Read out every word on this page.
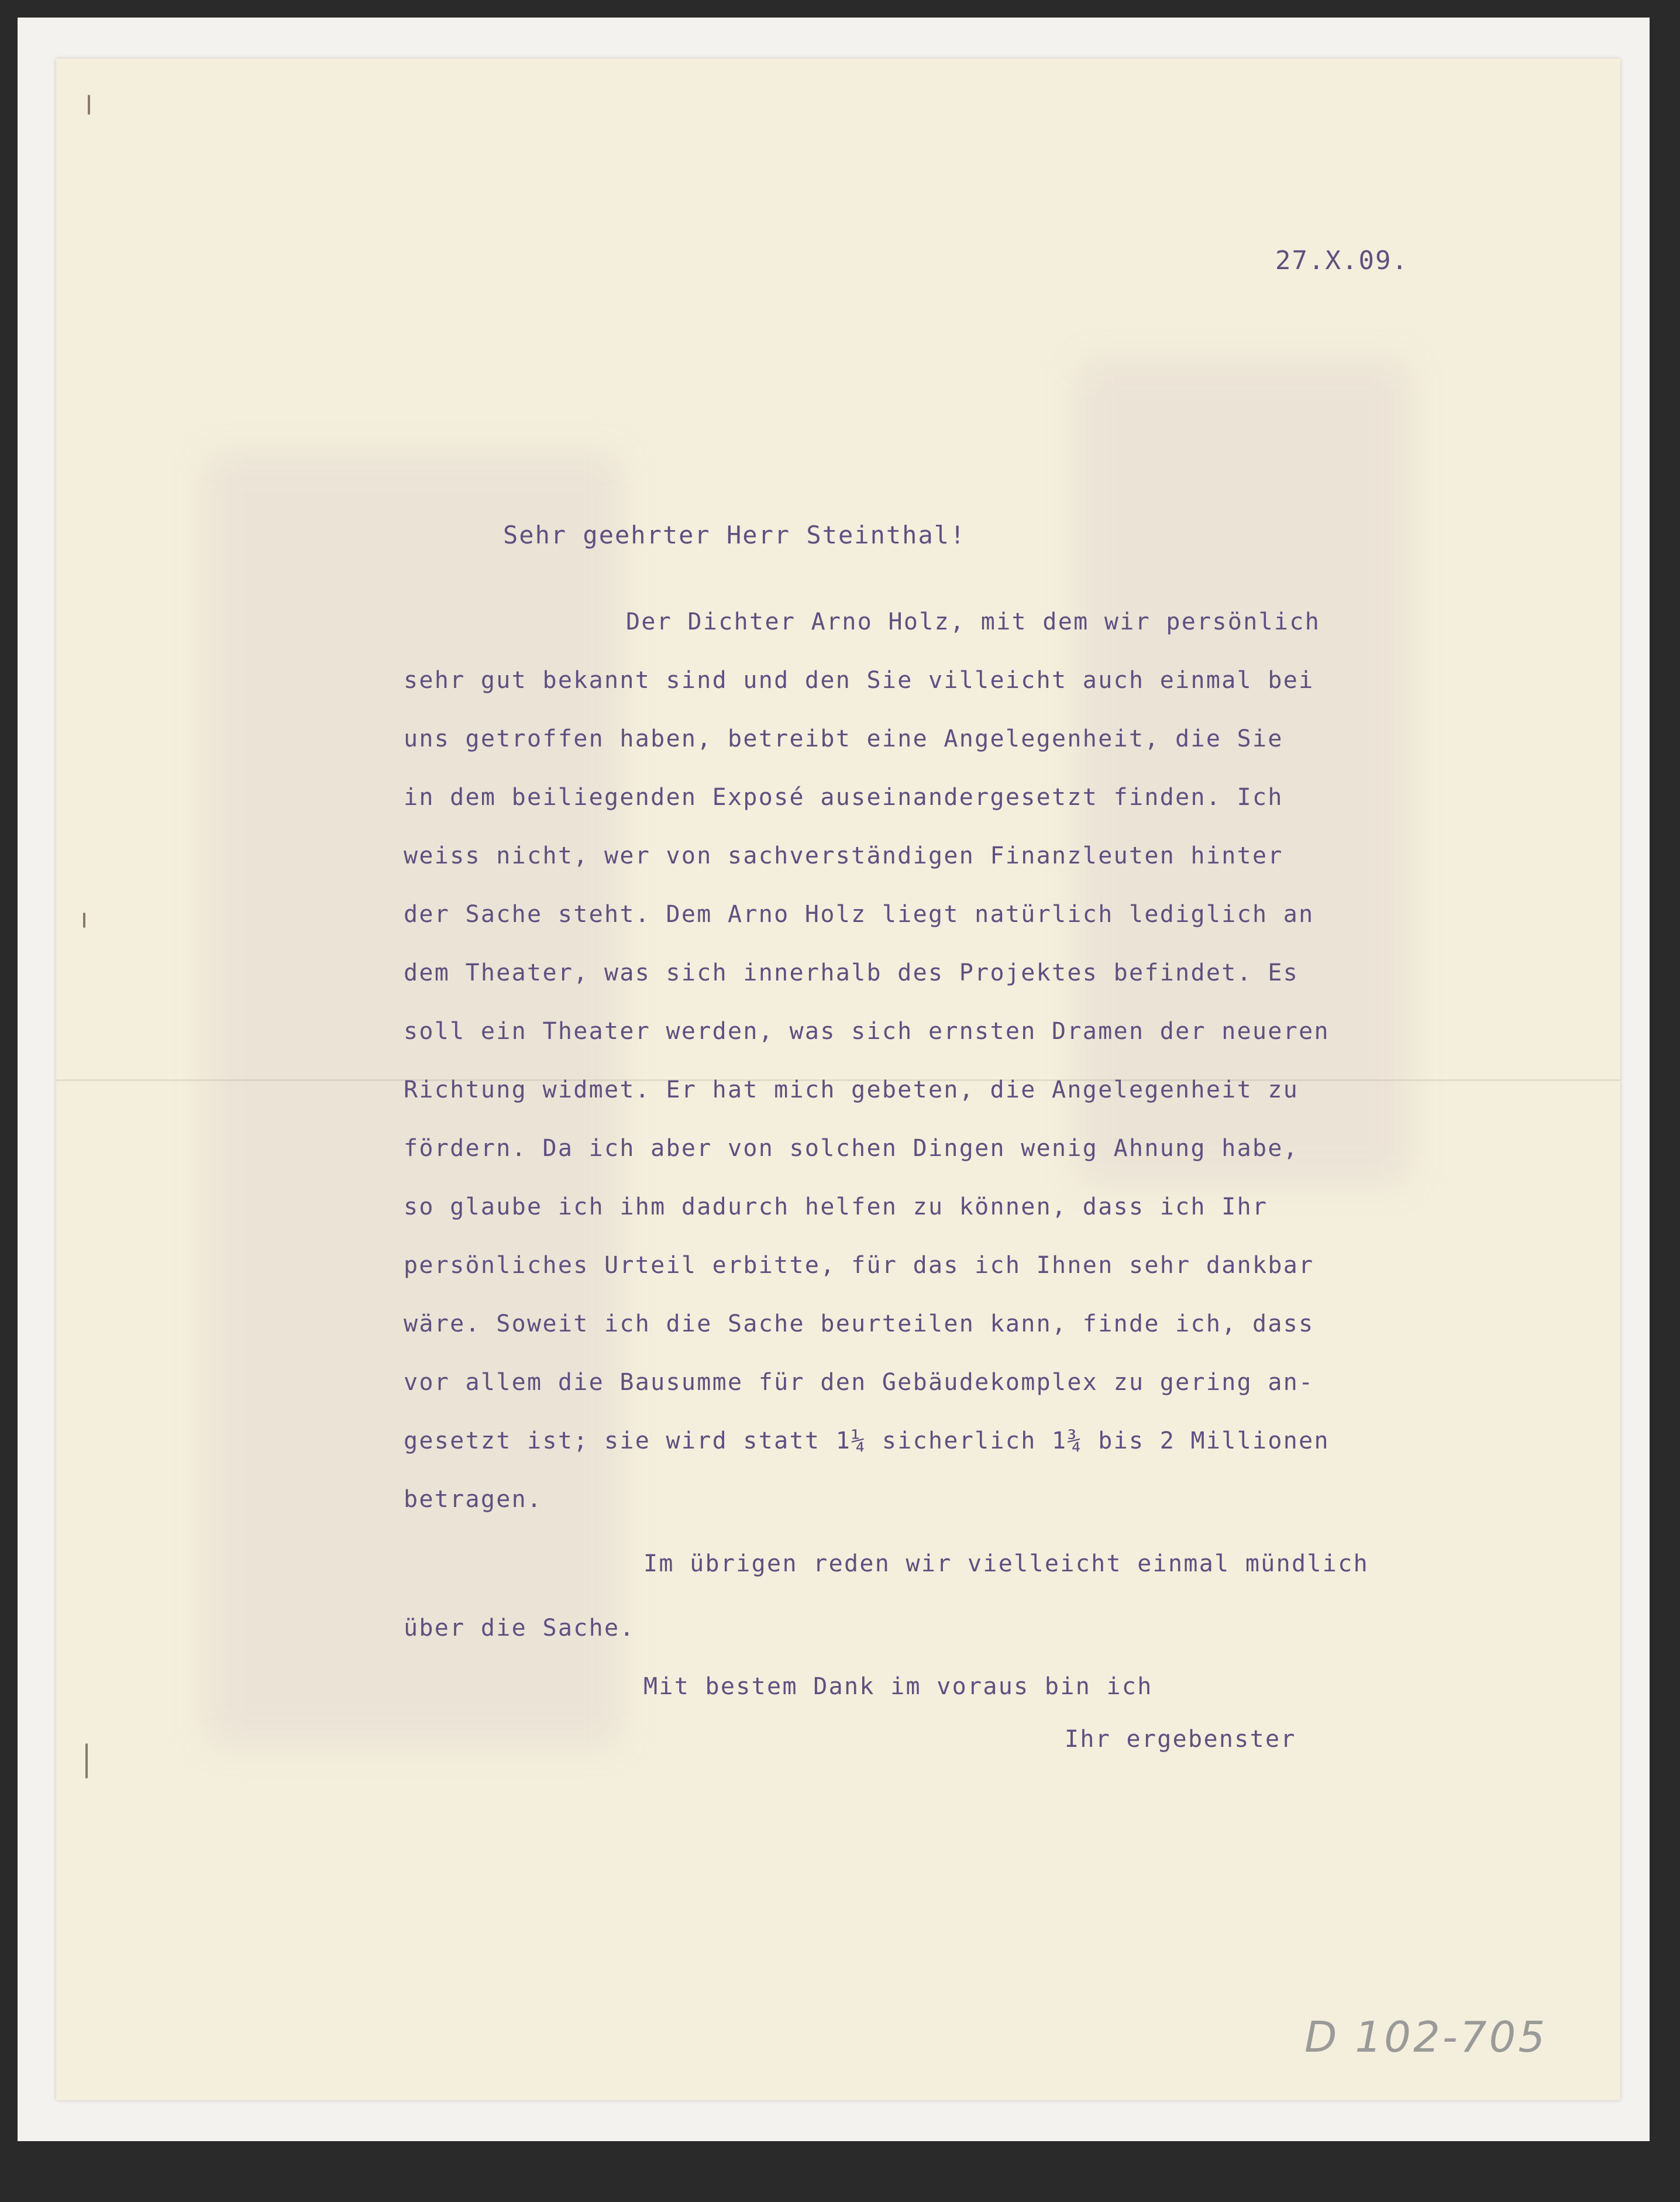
27.X.09.
Sehr geehrter Herr Steinthal!
Der Dichter Arno Holz, mit dem wir persönlich
sehr gut bekannt sind und den Sie villeicht auch einmal bei
uns getroffen haben, betreibt eine Angelegenheit, die Sie
in dem beiliegenden Exposé auseinandergesetzt finden. Ich
weiss nicht, wer von sachverständigen Finanzleuten hinter
der Sache steht. Dem Arno Holz liegt natürlich lediglich an
dem Theater, was sich innerhalb des Projektes befindet. Es
soll ein Theater werden, was sich ernsten Dramen der neueren
Richtung widmet. Er hat mich gebeten, die Angelegenheit zu
fördern. Da ich aber von solchen Dingen wenig Ahnung habe,
so glaube ich ihm dadurch helfen zu können, dass ich Ihr
persönliches Urteil erbitte, für das ich Ihnen sehr dankbar
wäre. Soweit ich die Sache beurteilen kann, finde ich, dass
vor allem die Bausumme für den Gebäudekomplex zu gering an-
gesetzt ist; sie wird statt 1¼ sicherlich 1¾ bis 2 Millionen
betragen.
Im übrigen reden wir vielleicht einmal mündlich
über die Sache.
Mit bestem Dank im voraus bin ich
Ihr ergebenster
D 102-705
